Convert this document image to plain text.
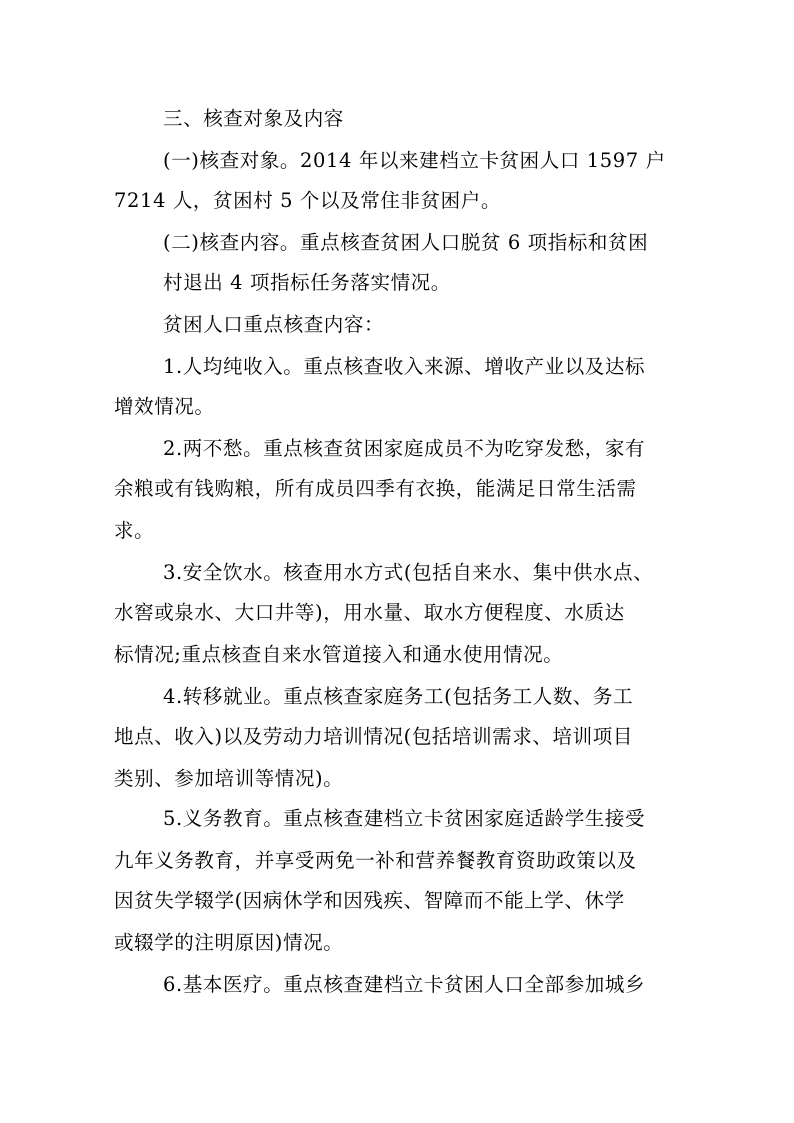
三、核查对象及内容
(一)核查对象。2014 年以来建档立卡贫困人口 1597 户
7214 人，贫困村 5 个以及常住非贫困户。
(二)核查内容。重点核查贫困人口脱贫 6 项指标和贫困
村退出 4 项指标任务落实情况。
贫困人口重点核查内容：
1.人均纯收入。重点核查收入来源、增收产业以及达标
增效情况。
2.两不愁。重点核查贫困家庭成员不为吃穿发愁，家有
余粮或有钱购粮，所有成员四季有衣换，能满足日常生活需
求。
3.安全饮水。核查用水方式(包括自来水、集中供水点、
水窖或泉水、大口井等)，用水量、取水方便程度、水质达
标情况;重点核查自来水管道接入和通水使用情况。
4.转移就业。重点核查家庭务工(包括务工人数、务工
地点、收入)以及劳动力培训情况(包括培训需求、培训项目
类别、参加培训等情况)。
5.义务教育。重点核查建档立卡贫困家庭适龄学生接受
九年义务教育，并享受两免一补和营养餐教育资助政策以及
因贫失学辍学(因病休学和因残疾、智障而不能上学、休学
或辍学的注明原因)情况。
6.基本医疗。重点核查建档立卡贫困人口全部参加城乡
